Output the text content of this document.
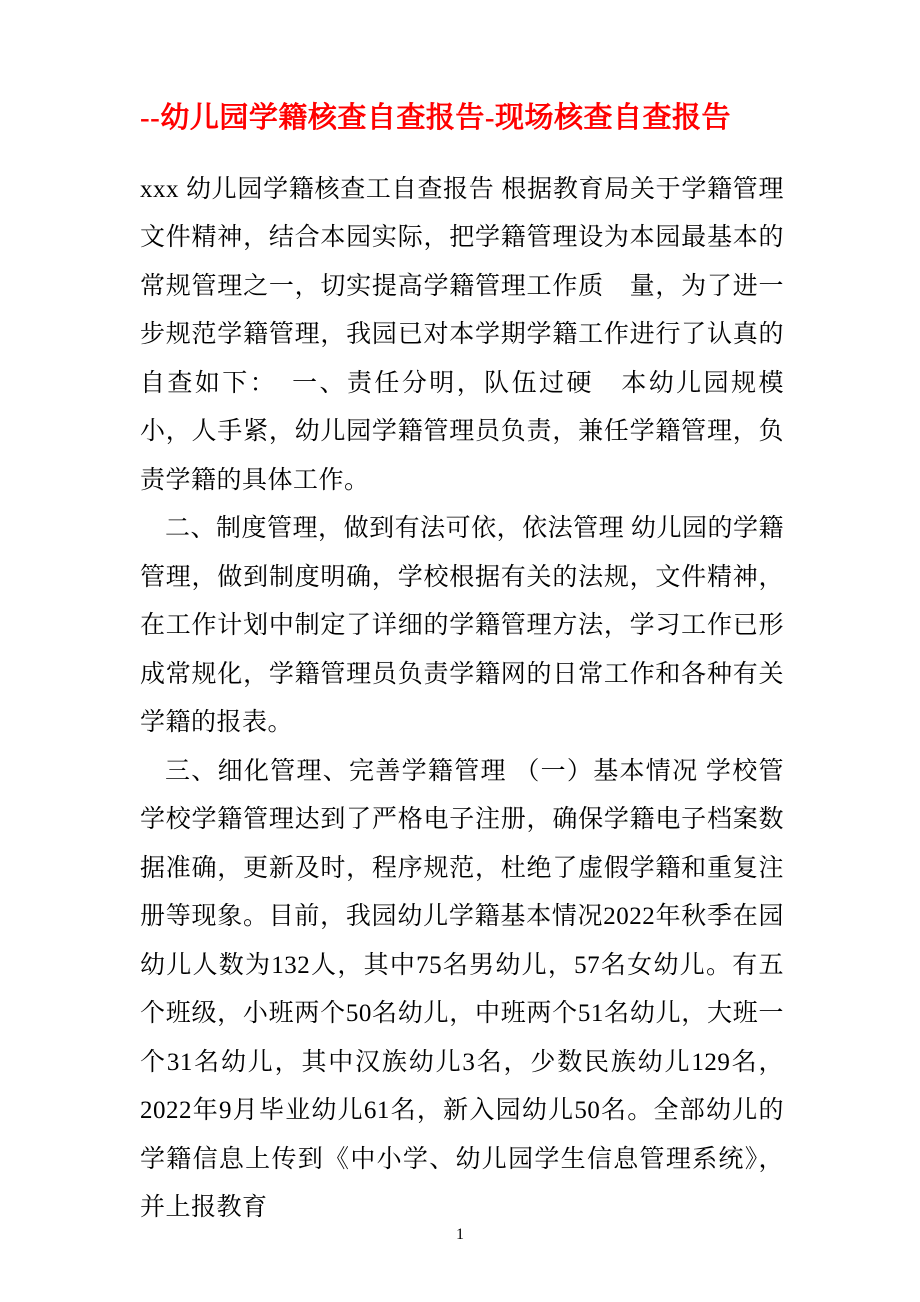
--幼儿园学籍核查自查报告-现场核查自查报告

xxx 幼儿园学籍核查工自查报告 根据教育局关于学籍管理文件精神，结合本园实际，把学籍管理设为本园最基本的常规管理之一，切实提高学籍管理工作质　量，为了进一步规范学籍管理，我园已对本学期学籍工作进行了认真的自查如下：　一、责任分明，队伍过硬　本幼儿园规模小，人手紧，幼儿园学籍管理员负责，兼任学籍管理，负责学籍的具体工作。

二、制度管理，做到有法可依，依法管理 幼儿园的学籍管理，做到制度明确，学校根据有关的法规，文件精神，在工作计划中制定了详细的学籍管理方法，学习工作已形成常规化，学籍管理员负责学籍网的日常工作和各种有关学籍的报表。

三、细化管理、完善学籍管理 （一）基本情况 学校管学校学籍管理达到了严格电子注册，确保学籍电子档案数据准确，更新及时，程序规范，杜绝了虚假学籍和重复注册等现象。目前，我园幼儿学籍基本情况2022年秋季在园幼儿人数为132人，其中75名男幼儿，57名女幼儿。有五个班级，小班两个50名幼儿，中班两个51名幼儿，大班一个31名幼儿，其中汉族幼儿3名，少数民族幼儿129名，2022年9月毕业幼儿61名，新入园幼儿50名。全部幼儿的学籍信息上传到《中小学、幼儿园学生信息管理系统》，并上报教育

1
